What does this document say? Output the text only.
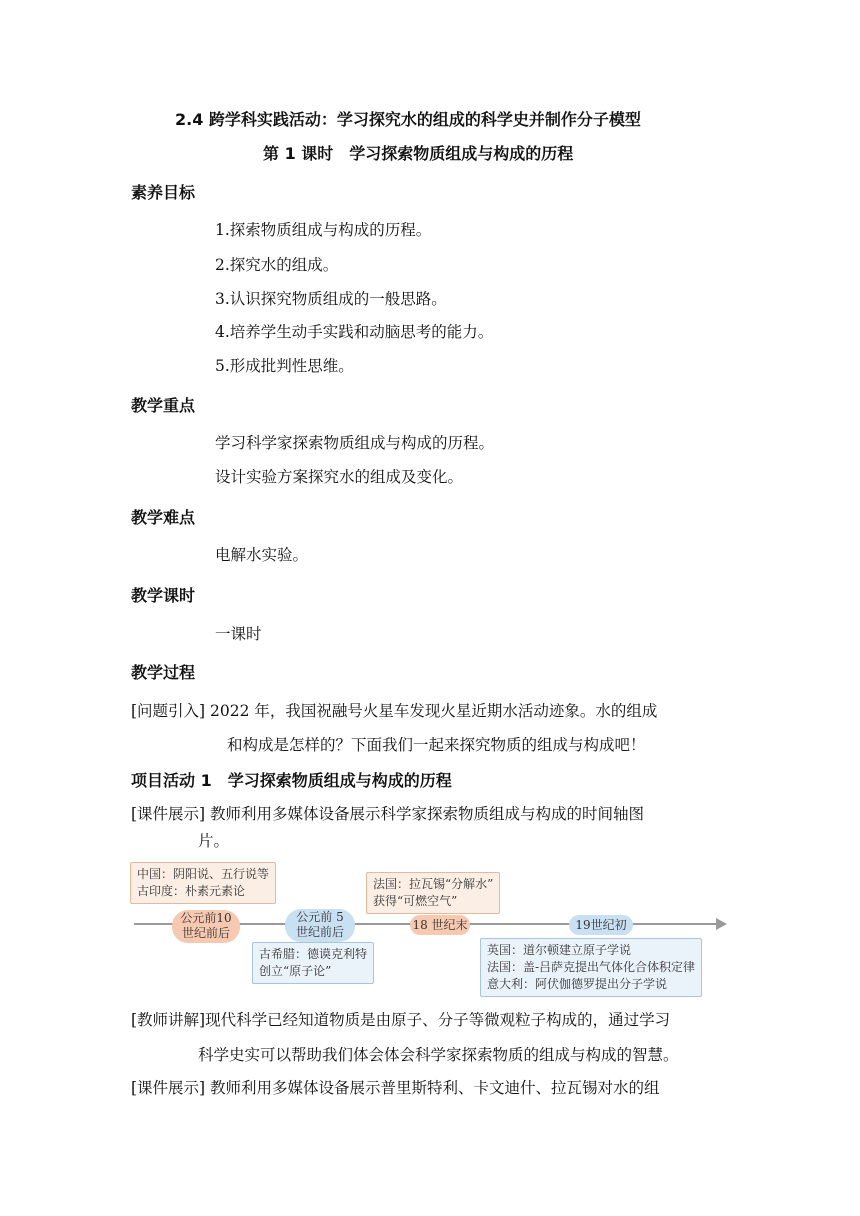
2.4 跨学科实践活动：学习探究水的组成的科学史并制作分子模型
第 1 课时　学习探索物质组成与构成的历程
素养目标
1.探索物质组成与构成的历程。
2.探究水的组成。
3.认识探究物质组成的一般思路。
4.培养学生动手实践和动脑思考的能力。
5.形成批判性思维。
教学重点
学习科学家探索物质组成与构成的历程。
设计实验方案探究水的组成及变化。
教学难点
电解水实验。
教学课时
一课时
教学过程
[问题引入] 2022 年，我国祝融号火星车发现火星近期水活动迹象。水的组成
和构成是怎样的？下面我们一起来探究物质的组成与构成吧！
项目活动 1　学习探索物质组成与构成的历程
[课件展示] 教师利用多媒体设备展示科学家探索物质组成与构成的时间轴图
片。
中国：阴阳说、五行说等
古印度：朴素元素论	法国：拉瓦锡“分解水”
获得“可燃空气”
公元前10
世纪前后
公元前 5
世纪前后	18 世纪末	19世纪初
古希腊：德谟克利特
创立“原子论”
英国：道尔顿建立原子学说
法国：盖-吕萨克提出气体化合体积定律
意大利：阿伏伽德罗提出分子学说
[教师讲解]现代科学已经知道物质是由原子、分子等微观粒子构成的，通过学习
科学史实可以帮助我们体会体会科学家探索物质的组成与构成的智慧。
[课件展示] 教师利用多媒体设备展示普里斯特利、卡文迪什、拉瓦锡对水的组
